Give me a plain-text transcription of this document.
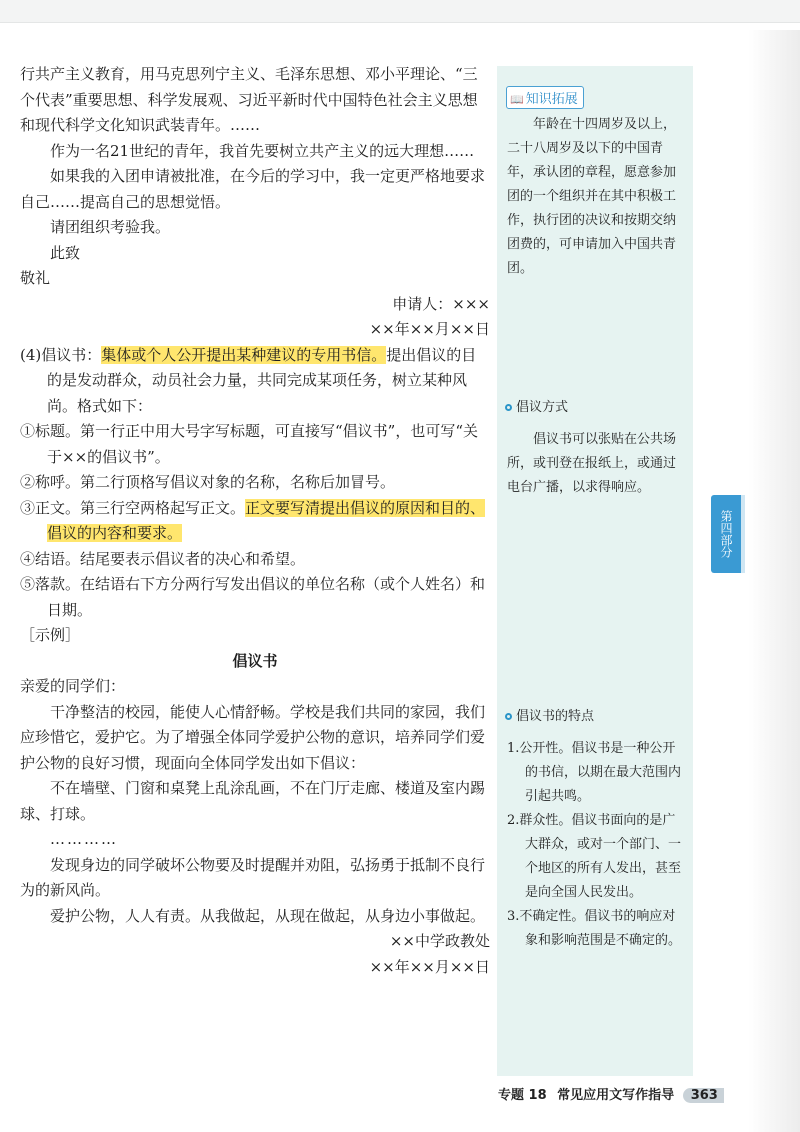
行共产主义教育，用马克思列宁主义、毛泽东思想、邓小平理论、“三个代表”重要思想、科学发展观、习近平新时代中国特色社会主义思想和现代科学文化知识武装青年。……

作为一名21世纪的青年，我首先要树立共产主义的远大理想……

如果我的入团申请被批准，在今后的学习中，我一定更严格地要求自己……提高自己的思想觉悟。

请团组织考验我。

此致

敬礼

申请人：×××

××年××月××日

(4)倡议书：集体或个人公开提出某种建议的专用书信。提出倡议的目的是发动群众，动员社会力量，共同完成某项任务，树立某种风尚。格式如下：

①标题。第一行正中用大号字写标题，可直接写“倡议书”，也可写“关于××的倡议书”。

②称呼。第二行顶格写倡议对象的名称，名称后加冒号。

③正文。第三行空两格起写正文。正文要写清提出倡议的原因和目的、倡议的内容和要求。

④结语。结尾要表示倡议者的决心和希望。

⑤落款。在结语右下方分两行写发出倡议的单位名称（或个人姓名）和日期。

［示例］

倡议书

亲爱的同学们：

干净整洁的校园，能使人心情舒畅。学校是我们共同的家园，我们应珍惜它，爱护它。为了增强全体同学爱护公物的意识，培养同学们爱护公物的良好习惯，现面向全体同学发出如下倡议：

不在墙壁、门窗和桌凳上乱涂乱画，不在门厅走廊、楼道及室内踢球、打球。

…………

发现身边的同学破坏公物要及时提醒并劝阻，弘扬勇于抵制不良行为的新风尚。

爱护公物，人人有责。从我做起，从现在做起，从身边小事做起。

××中学政教处

××年××月××日

📖 知识拓展

年龄在十四周岁及以上，二十八周岁及以下的中国青年，承认团的章程，愿意参加团的一个组织并在其中积极工作，执行团的决议和按期交纳团费的，可申请加入中国共青团。

倡议方式

倡议书可以张贴在公共场所，或刊登在报纸上，或通过电台广播，以求得响应。

倡议书的特点

1.公开性。倡议书是一种公开的书信，以期在最大范围内引起共鸣。

2.群众性。倡议书面向的是广大群众，或对一个部门、一个地区的所有人发出，甚至是向全国人民发出。

3.不确定性。倡议书的响应对象和影响范围是不确定的。

第四部分
专题 18 常见应用文写作指导 363
